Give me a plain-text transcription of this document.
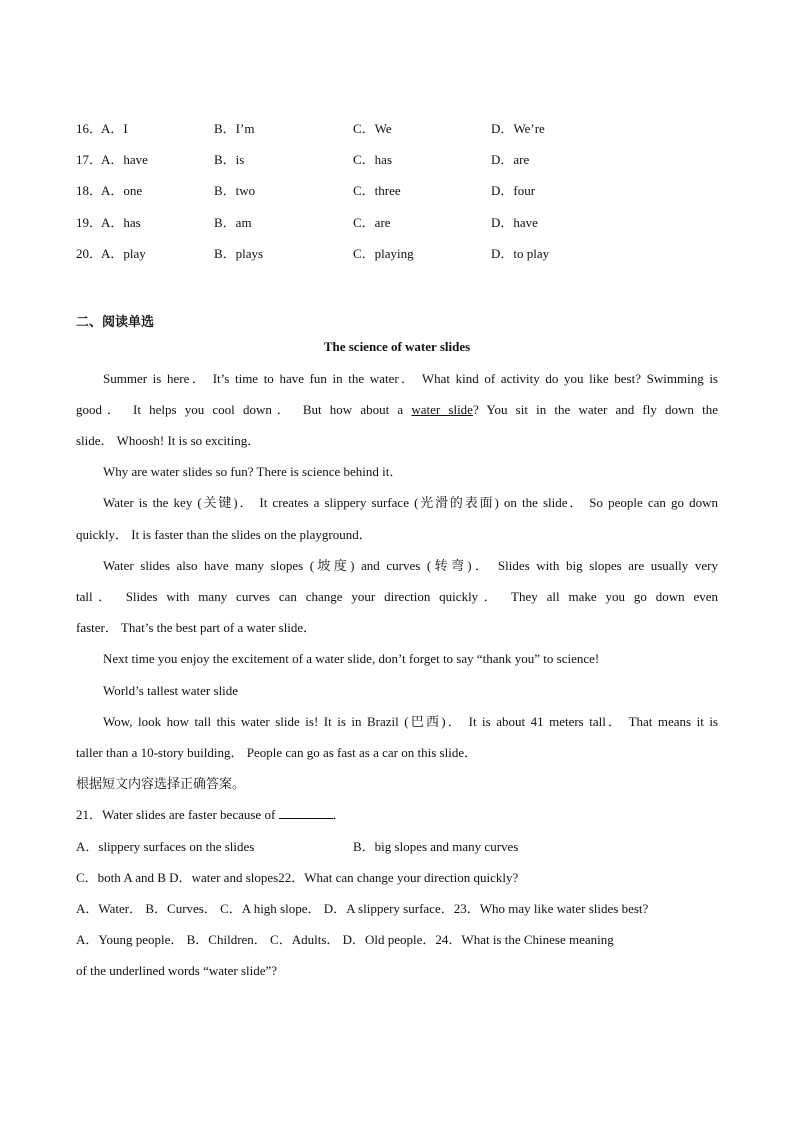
16．
A．I	B．I’m	C．We	D．We’re
17．
A．have	B．is	C．has	D．are
18．
A．one	B．two	C．three	D．four
19．
A．has	B．am	C．are	D．have
20．
A．play	B．plays	C．playing	D．to play
二、阅读单选
The science of water slides
Summer is here． It’s time to have fun in the water． What kind of activity do you like best? Swimming is
good． It helps you cool down． But how about a water slide? You sit in the water and fly down the
slide． Whoosh! It is so exciting．
Why are water slides so fun? There is science behind it．
Water is the key (关键)． It creates a slippery surface (光滑的表面) on the slide． So people can go down
quickly． It is faster than the slides on the playground．
Water slides also have many slopes (坡度) and curves (转弯)． Slides with big slopes are usually very
tall． Slides with many curves can change your direction quickly． They all make you go down even
faster． That’s the best part of a water slide．
Next time you enjoy the excitement of a water slide, don’t forget to say “thank you” to science!
World’s tallest water slide
Wow, look how tall this water slide is! It is in Brazil (巴西)． It is about 41 meters tall． That means it is
taller than a 10-story building． People can go as fast as a car on this slide．
根据短文内容选择正确答案。
21．Water slides are faster because of	．
A．slippery surfaces on the slides	B．big slopes and many curves
C．both A and B D．water and slopes22．What can change your direction quickly?
A．Water． B．Curves． C．A high slope． D．A slippery surface．23．Who may like water slides best?
A．Young people． B．Children． C．Adults． D．Old people．24．What is the Chinese meaning
of the underlined words “water slide”?
